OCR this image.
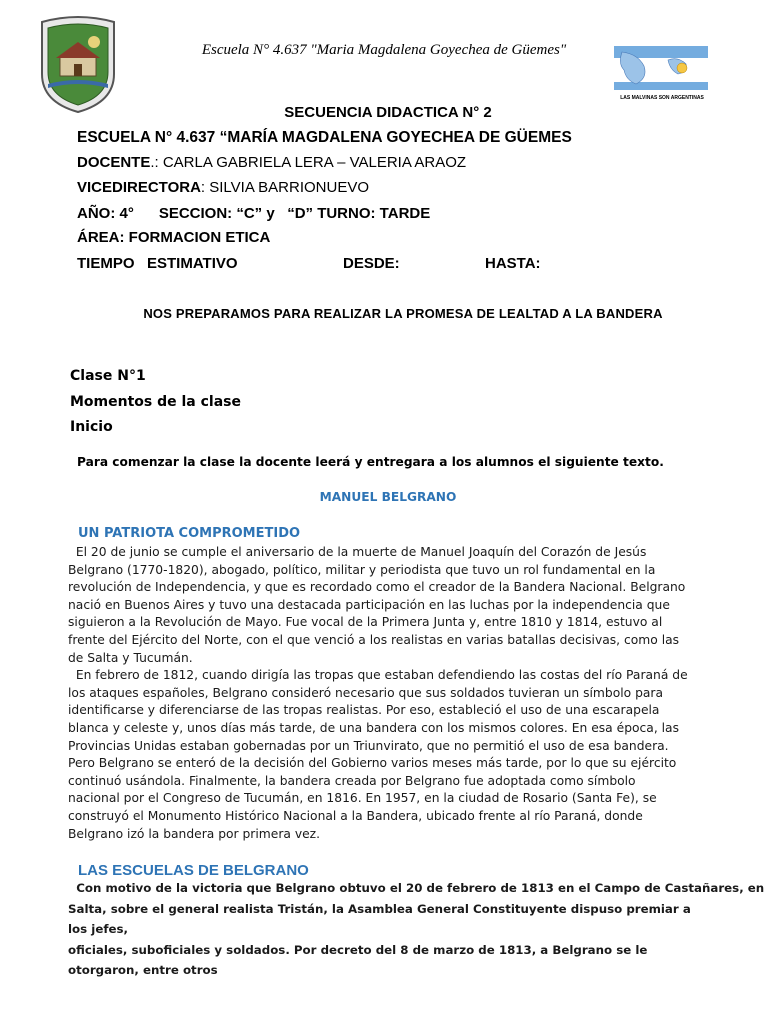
Escuela N° 4.637 "Maria Magdalena Goyechea de Güemes"
LAS MALVINAS SON ARGENTINAS
SECUENCIA DIDACTICA N° 2
ESCUELA N° 4.637 “MARÍA MAGDALENA GOYECHEA DE GÜEMES
DOCENTE.: CARLA GABRIELA LERA – VALERIA ARAOZ
VICEDIRECTORA: SILVIA BARRIONUEVO
AÑO: 4°      SECCION: “C” y   “D” TURNO: TARDE
ÁREA: FORMACION ETICA
TIEMPO   ESTIMATIVO	DESDE:	HASTA:
NOS PREPARAMOS PARA REALIZAR LA PROMESA DE LEALTAD A LA BANDERA
Clase N°1
Momentos de la clase
Inicio
Para comenzar la clase la docente leerá y entregara a los alumnos el siguiente texto.
MANUEL BELGRANO
UN PATRIOTA COMPROMETIDO

El 20 de junio se cumple el aniversario de la muerte de Manuel Joaquín del Corazón de Jesús

Belgrano (1770-1820), abogado, político, militar y periodista que tuvo un rol fundamental en la

revolución de Independencia, y que es recordado como el creador de la Bandera Nacional. Belgrano

nació en Buenos Aires y tuvo una destacada participación en las luchas por la independencia que

siguieron a la Revolución de Mayo. Fue vocal de la Primera Junta y, entre 1810 y 1814, estuvo al

frente del Ejército del Norte, con el que venció a los realistas en varias batallas decisivas, como las

de Salta y Tucumán.

En febrero de 1812, cuando dirigía las tropas que estaban defendiendo las costas del río Paraná de

los ataques españoles, Belgrano consideró necesario que sus soldados tuvieran un símbolo para

identificarse y diferenciarse de las tropas realistas. Por eso, estableció el uso de una escarapela

blanca y celeste y, unos días más tarde, de una bandera con los mismos colores. En esa época, las

Provincias Unidas estaban gobernadas por un Triunvirato, que no permitió el uso de esa bandera.

Pero Belgrano se enteró de la decisión del Gobierno varios meses más tarde, por lo que su ejército

continuó usándola. Finalmente, la bandera creada por Belgrano fue adoptada como símbolo

nacional por el Congreso de Tucumán, en 1816. En 1957, en la ciudad de Rosario (Santa Fe), se

construyó el Monumento Histórico Nacional a la Bandera, ubicado frente al río Paraná, donde

Belgrano izó la bandera por primera vez.

LAS ESCUELAS DE BELGRANO

Con motivo de la victoria que Belgrano obtuvo el 20 de febrero de 1813 en el Campo de Castañares, en

Salta, sobre el general realista Tristán, la Asamblea General Constituyente dispuso premiar a los jefes,

oficiales, suboficiales y soldados. Por decreto del 8 de marzo de 1813, a Belgrano se le otorgaron, entre otros
